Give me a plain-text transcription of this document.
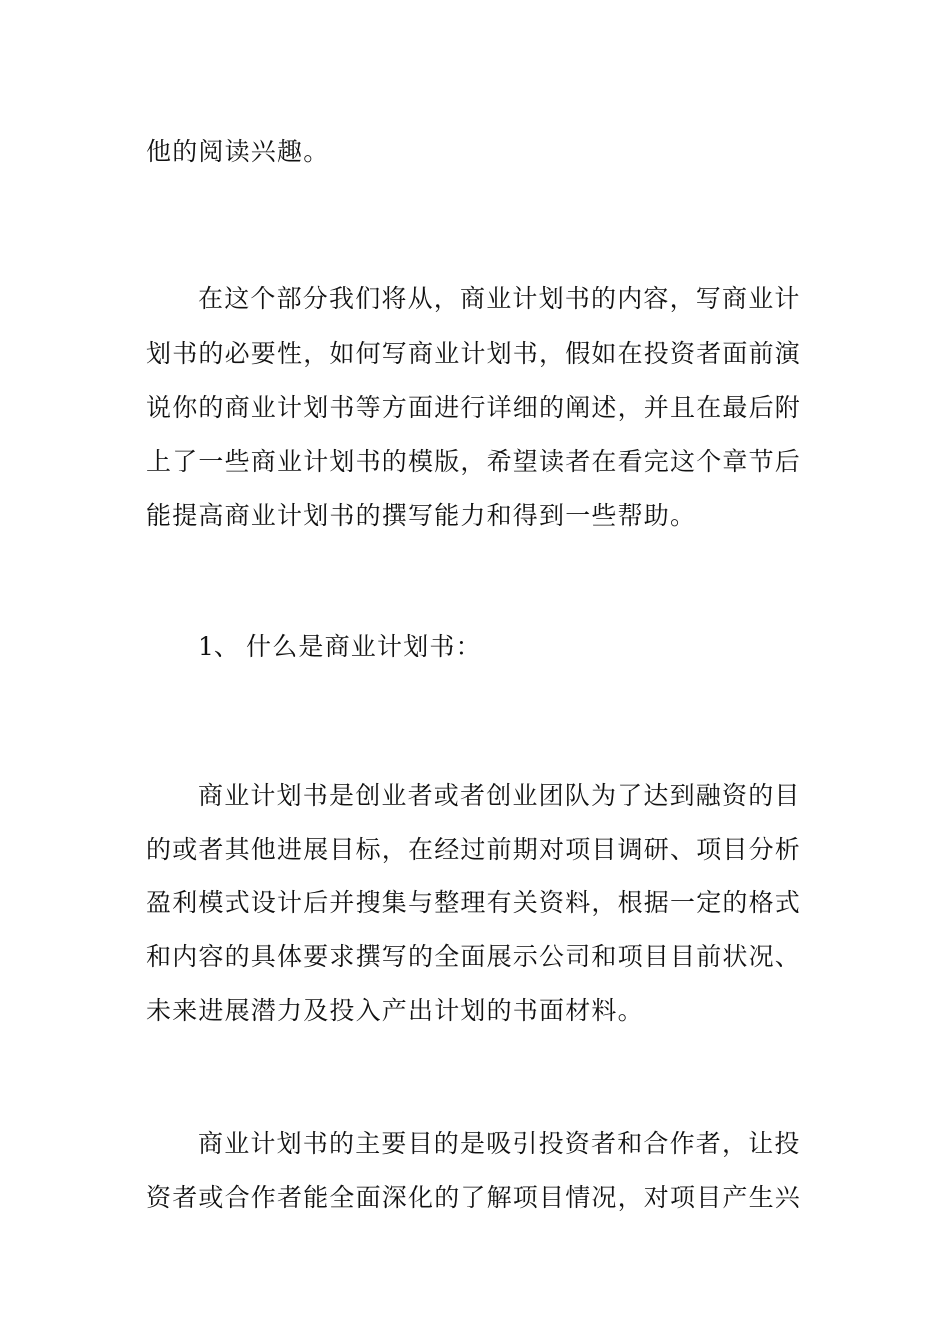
他的阅读兴趣。
在这个部分我们将从，商业计划书的内容，写商业计
划书的必要性，如何写商业计划书，假如在投资者面前演
说你的商业计划书等方面进行详细的阐述，并且在最后附
上了一些商业计划书的模版，希望读者在看完这个章节后
能提高商业计划书的撰写能力和得到一些帮助。
1、 什么是商业计划书：
商业计划书是创业者或者创业团队为了达到融资的目
的或者其他进展目标，在经过前期对项目调研、项目分析
盈利模式设计后并搜集与整理有关资料，根据一定的格式
和内容的具体要求撰写的全面展示公司和项目目前状况、
未来进展潜力及投入产出计划的书面材料。
商业计划书的主要目的是吸引投资者和合作者，让投
资者或合作者能全面深化的了解项目情况，对项目产生兴
